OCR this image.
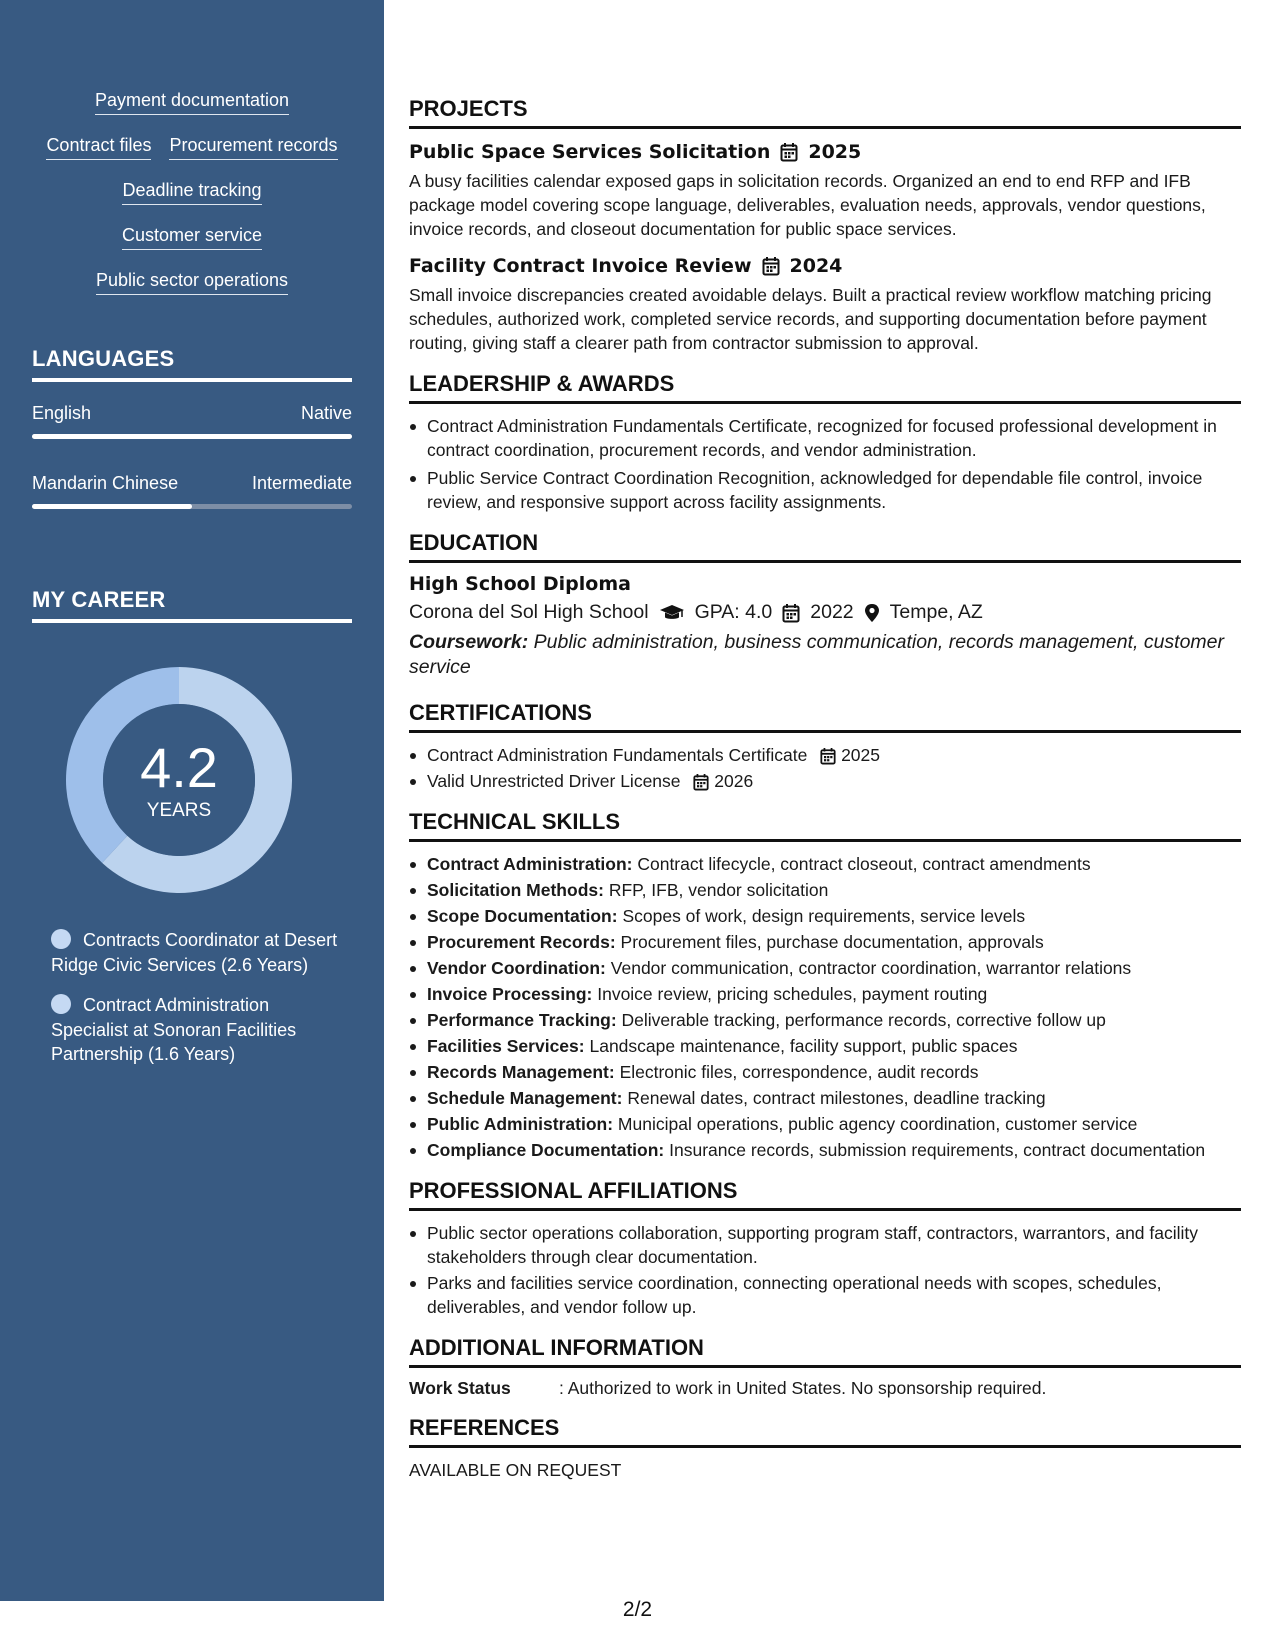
Payment documentation
Contract files Procurement records
Deadline tracking
Customer service
Public sector operations
LANGUAGES
English	Native
Mandarin Chinese	Intermediate
MY CAREER
4.2
YEARS
Contracts Coordinator at Desert Ridge Civic Services (2.6 Years)
Contract Administration Specialist at Sonoran Facilities Partnership (1.6 Years)
PROJECTS
Public Space Services Solicitation 2025

A busy facilities calendar exposed gaps in solicitation records. Organized an end to end RFP and IFB package model covering scope language, deliverables, evaluation needs, approvals, vendor questions, invoice records, and closeout documentation for public space services.

Facility Contract Invoice Review 2024

Small invoice discrepancies created avoidable delays. Built a practical review workflow matching pricing schedules, authorized work, completed service records, and supporting documentation before payment routing, giving staff a clearer path from contractor submission to approval.

LEADERSHIP & AWARDS
Contract Administration Fundamentals Certificate, recognized for focused professional development in contract coordination, procurement records, and vendor administration.
Public Service Contract Coordination Recognition, acknowledged for dependable file control, invoice review, and responsive support across facility assignments.
EDUCATION
High School Diploma
Corona del Sol High School GPA: 4.0 2022 Tempe, AZ

Coursework: Public administration, business communication, records management, customer service

CERTIFICATIONS
Contract Administration Fundamentals Certificate 2025
Valid Unrestricted Driver License 2026
TECHNICAL SKILLS
Contract Administration: Contract lifecycle, contract closeout, contract amendments
Solicitation Methods: RFP, IFB, vendor solicitation
Scope Documentation: Scopes of work, design requirements, service levels
Procurement Records: Procurement files, purchase documentation, approvals
Vendor Coordination: Vendor communication, contractor coordination, warrantor relations
Invoice Processing: Invoice review, pricing schedules, payment routing
Performance Tracking: Deliverable tracking, performance records, corrective follow up
Facilities Services: Landscape maintenance, facility support, public spaces
Records Management: Electronic files, correspondence, audit records
Schedule Management: Renewal dates, contract milestones, deadline tracking
Public Administration: Municipal operations, public agency coordination, customer service
Compliance Documentation: Insurance records, submission requirements, contract documentation
PROFESSIONAL AFFILIATIONS
Public sector operations collaboration, supporting program staff, contractors, warrantors, and facility stakeholders through clear documentation.
Parks and facilities service coordination, connecting operational needs with scopes, schedules, deliverables, and vendor follow up.
ADDITIONAL INFORMATION
Work Status	: Authorized to work in United States. No sponsorship required.
REFERENCES

AVAILABLE ON REQUEST

2/2
